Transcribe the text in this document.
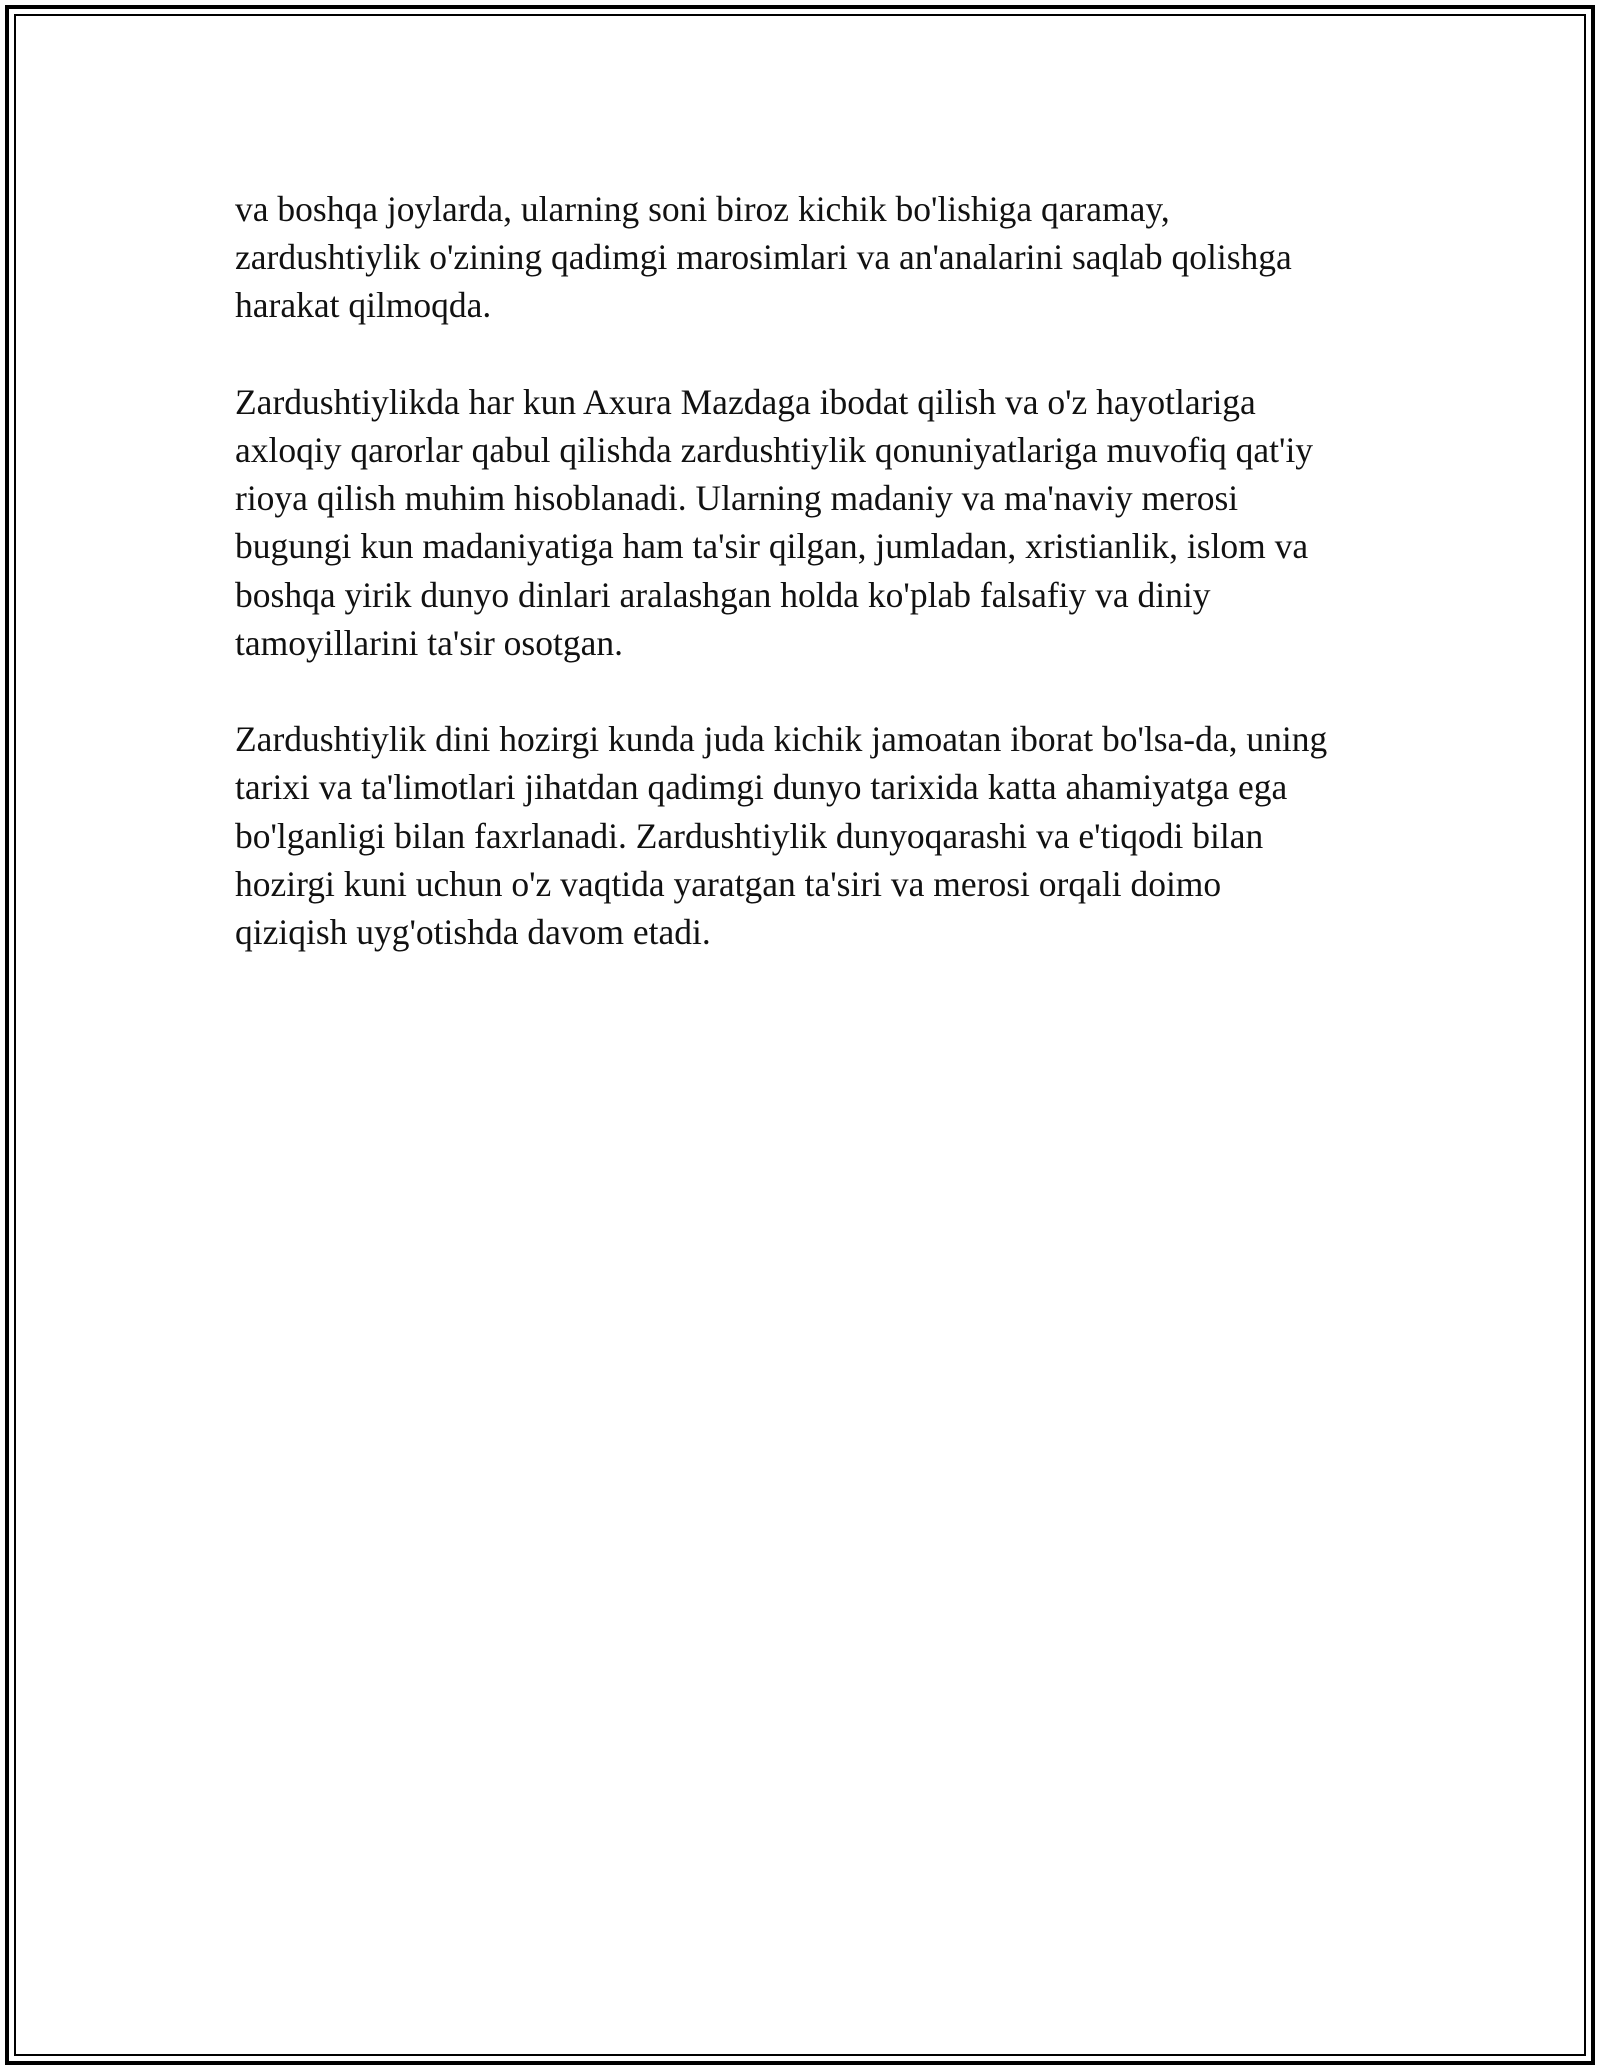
va boshqa joylarda, ularning soni biroz kichik bo'lishiga qaramay,
zardushtiylik o'zining qadimgi marosimlari va an'analarini saqlab qolishga
harakat qilmoqda.

Zardushtiylikda har kun Axura Mazdaga ibodat qilish va o'z hayotlariga
axloqiy qarorlar qabul qilishda zardushtiylik qonuniyatlariga muvofiq qat'iy
rioya qilish muhim hisoblanadi. Ularning madaniy va ma'naviy merosi
bugungi kun madaniyatiga ham ta'sir qilgan, jumladan, xristianlik, islom va
boshqa yirik dunyo dinlari aralashgan holda ko'plab falsafiy va diniy
tamoyillarini ta'sir osotgan.

Zardushtiylik dini hozirgi kunda juda kichik jamoatan iborat bo'lsa-da, uning
tarixi va ta'limotlari jihatdan qadimgi dunyo tarixida katta ahamiyatga ega
bo'lganligi bilan faxrlanadi. Zardushtiylik dunyoqarashi va e'tiqodi bilan
hozirgi kuni uchun o'z vaqtida yaratgan ta'siri va merosi orqali doimo
qiziqish uyg'otishda davom etadi.
